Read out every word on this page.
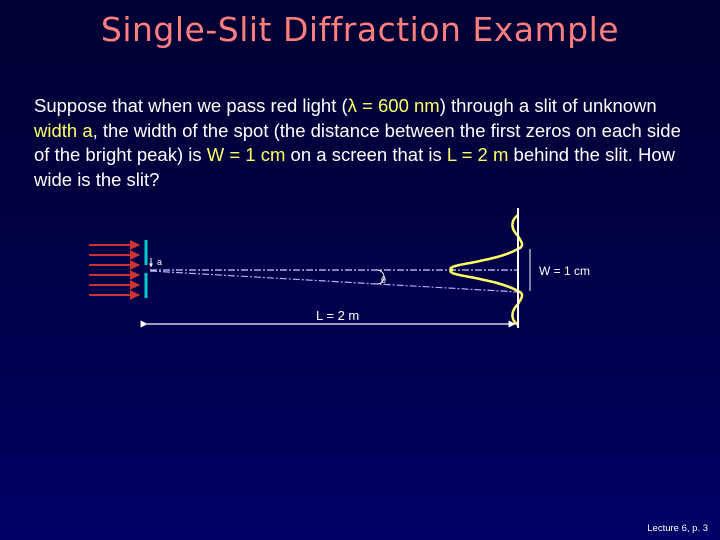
Single-Slit Diffraction Example
Suppose that when we pass red light (λ = 600 nm) through a slit of unknown width a, the width of the spot (the distance between the first zeros on each side of the bright peak) is W = 1 cm on a screen that is L = 2 m behind the slit. How wide is the slit?
a
θ
W = 1 cm
L = 2 m
Lecture 6, p. 3
